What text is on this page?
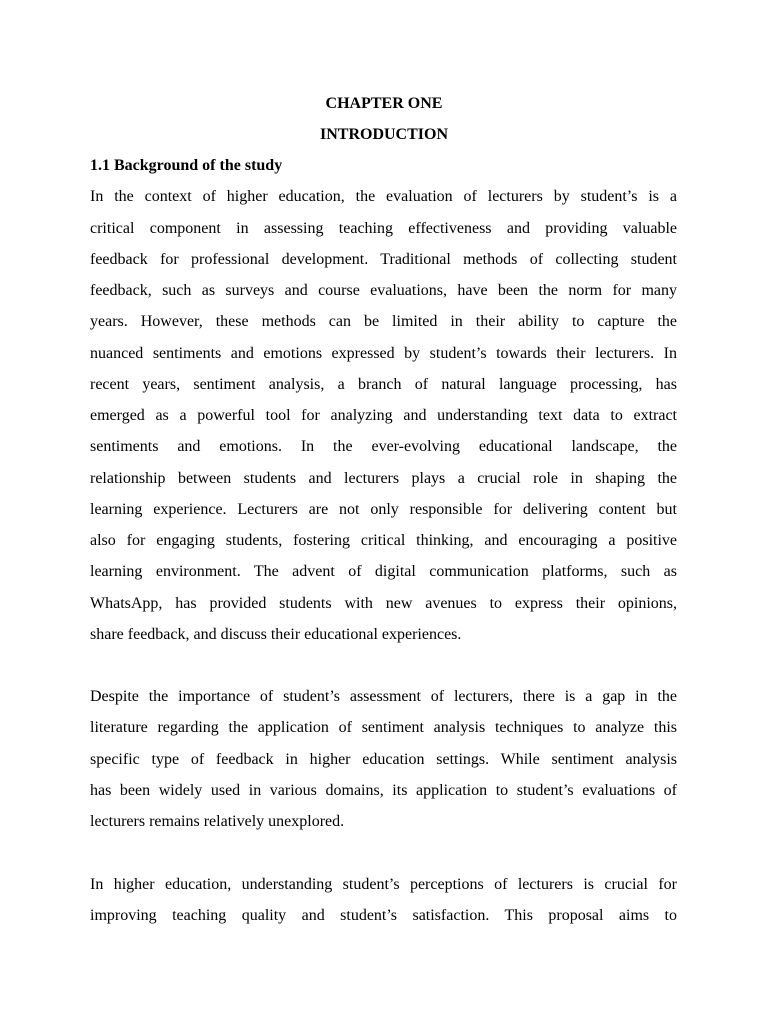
CHAPTER ONE

INTRODUCTION

1.1 Background of the study

In the context of higher education, the evaluation of lecturers by student’s is a

critical component in assessing teaching effectiveness and providing valuable

feedback for professional development. Traditional methods of collecting student

feedback, such as surveys and course evaluations, have been the norm for many

years. However, these methods can be limited in their ability to capture the

nuanced sentiments and emotions expressed by student’s towards their lecturers. In

recent years, sentiment analysis, a branch of natural language processing, has

emerged as a powerful tool for analyzing and understanding text data to extract

sentiments and emotions. In the ever-evolving educational landscape, the

relationship between students and lecturers plays a crucial role in shaping the

learning experience. Lecturers are not only responsible for delivering content but

also for engaging students, fostering critical thinking, and encouraging a positive

learning environment. The advent of digital communication platforms, such as

WhatsApp, has provided students with new avenues to express their opinions,

share feedback, and discuss their educational experiences.

Despite the importance of student’s assessment of lecturers, there is a gap in the

literature regarding the application of sentiment analysis techniques to analyze this

specific type of feedback in higher education settings. While sentiment analysis

has been widely used in various domains, its application to student’s evaluations of

lecturers remains relatively unexplored.

In higher education, understanding student’s perceptions of lecturers is crucial for

improving teaching quality and student’s satisfaction. This proposal aims to
